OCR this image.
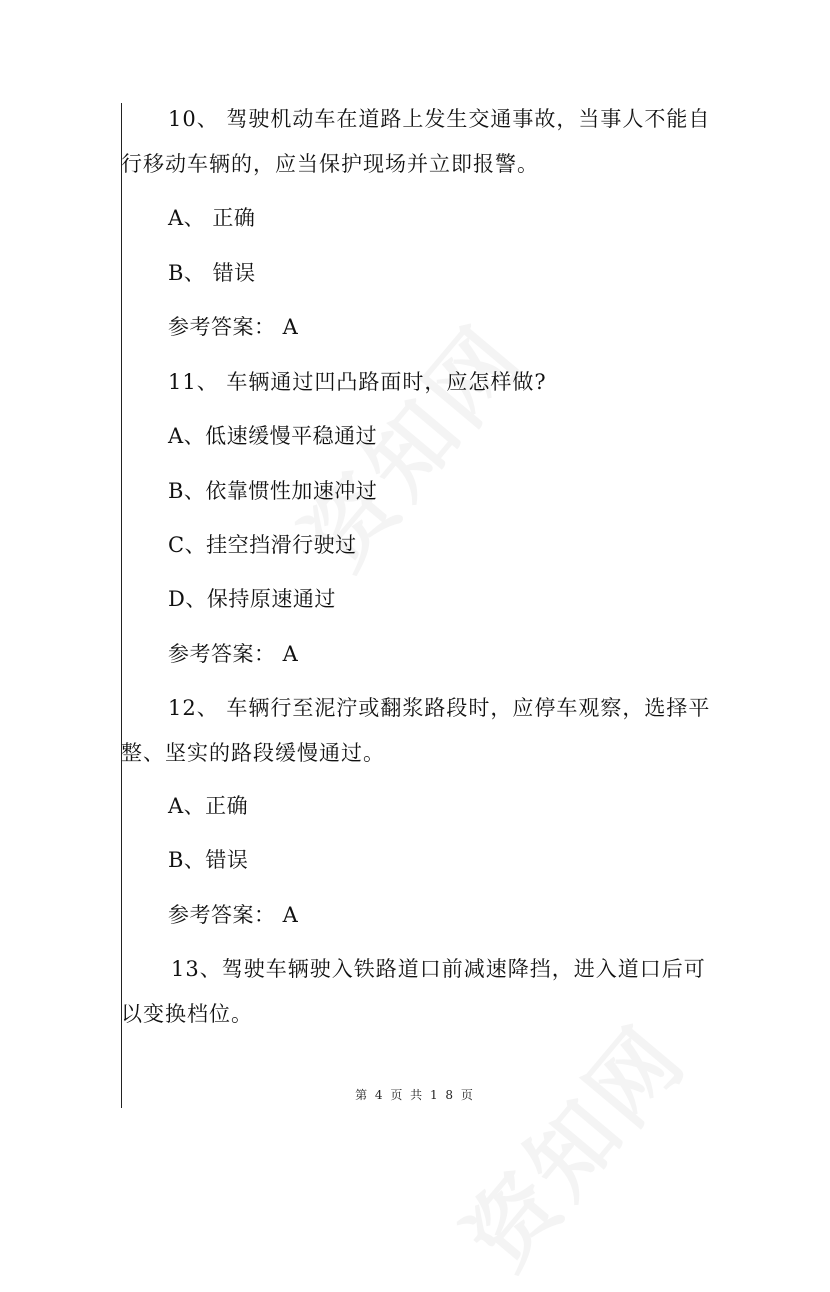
10、 驾驶机动车在道路上发生交通事故，当事人不能自
行移动车辆的，应当保护现场并立即报警。
A、 正确
B、 错误
参考答案： A
11、 车辆通过凹凸路面时，应怎样做?
A、低速缓慢平稳通过
B、依靠惯性加速冲过
C、挂空挡滑行驶过
D、保持原速通过
参考答案： A
12、 车辆行至泥泞或翻浆路段时，应停车观察，选择平
整、坚实的路段缓慢通过。
A、正确
B、错误
参考答案： A
13、驾驶车辆驶入铁路道口前减速降挡，进入道口后可
以变换档位。
第 4 页 共 1 8 页
